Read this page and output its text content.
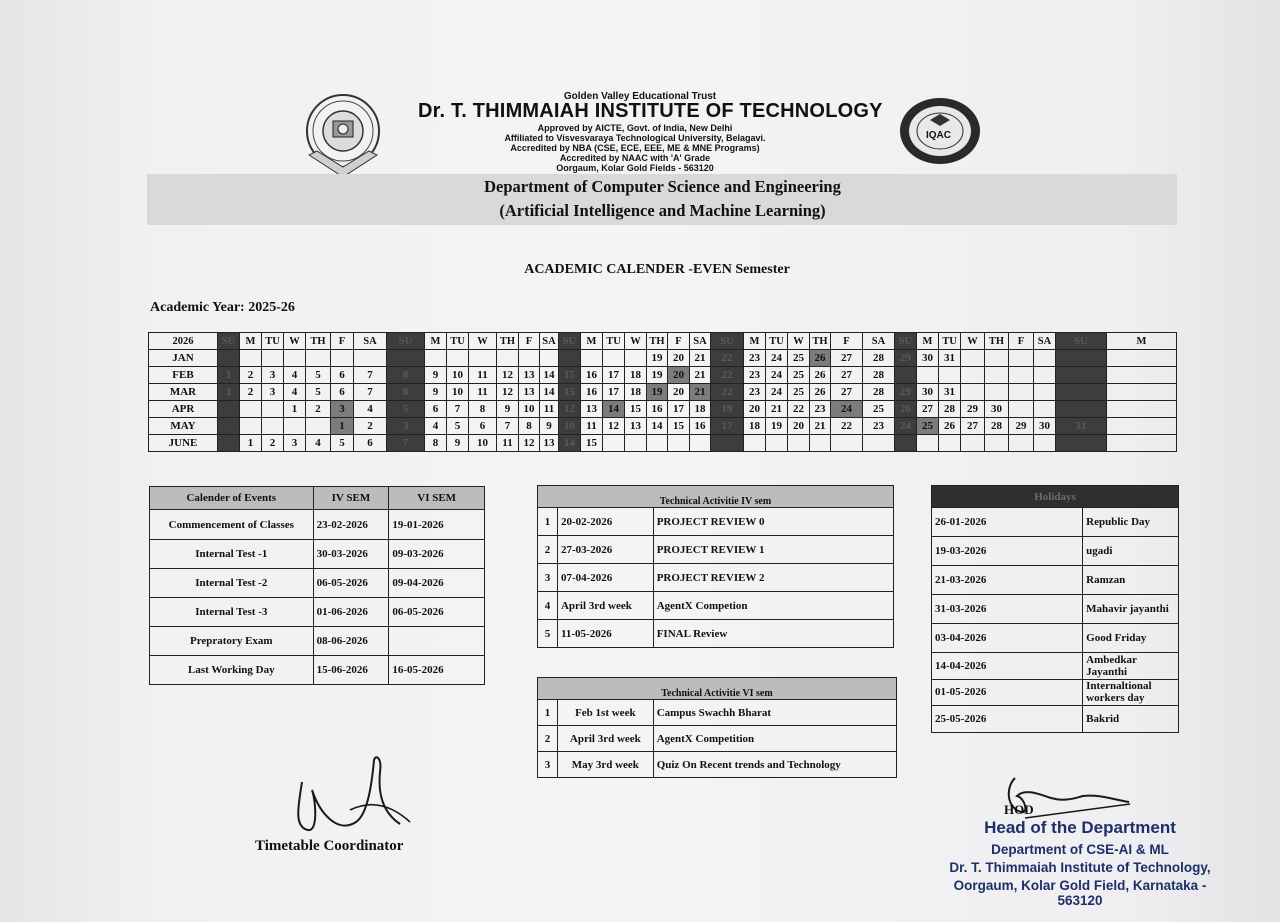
IQAC
Golden Valley Educational Trust
Dr. T. THIMMAIAH INSTITUTE OF TECHNOLOGY
Approved by AICTE, Govt. of India, New Delhi
Affiliated to Visvesvaraya Technological University, Belagavi.
Accredited by NBA (CSE, ECE, EEE, ME & MNE Programs)
Accredited by NAAC with 'A' Grade
Oorgaum, Kolar Gold Fields - 563120
Department of Computer Science and Engineering
(Artificial Intelligence and Machine Learning)
ACADEMIC CALENDER -EVEN Semester
Academic Year: 2025-26
2026	SU	M	TU	W	TH	F	SA	SU	M	TU	W	TH	F	SA	SU	M	TU	W	TH	F	SA	SU	M	TU	W	TH	F	SA	SU	M	TU	W	TH	F	SA	SU	M
JAN																			19	20	21	22	23	24	25	26	27	28	29	30	31						
FEB	1	2	3	4	5	6	7	8	9	10	11	12	13	14	15	16	17	18	19	20	21	22	23	24	25	26	27	28									
MAR	1	2	3	4	5	6	7	8	9	10	11	12	13	14	15	16	17	18	19	20	21	22	23	24	25	26	27	28	29	30	31						
APR				1	2	3	4	5	6	7	8	9	10	11	12	13	14	15	16	17	18	19	20	21	22	23	24	25	26	27	28	29	30				
MAY						1	2	3	4	5	6	7	8	9	10	11	12	13	14	15	16	17	18	19	20	21	22	23	24	25	26	27	28	29	30	31	
JUNE		1	2	3	4	5	6	7	8	9	10	11	12	13	14	15																					
Calender of Events	IV SEM	VI SEM
Commencement of Classes	23-02-2026	19-01-2026
Internal Test -1	30-03-2026	09-03-2026
Internal Test -2	06-05-2026	09-04-2026
Internal Test -3	01-06-2026	06-05-2026
Prepratory Exam	08-06-2026	
Last Working Day	15-06-2026	16-05-2026
Technical Activitie IV sem		
1	20-02-2026	PROJECT REVIEW 0
2	27-03-2026	PROJECT REVIEW 1
3	07-04-2026	PROJECT REVIEW 2
4	April 3rd week	AgentX Competion
5	11-05-2026	FINAL Review
Technical Activitie VI sem		
1	Feb 1st week	Campus Swachh Bharat
2	April 3rd week	AgentX Competition
3	May 3rd week	Quiz On Recent trends and Technology
Holidays	
26-01-2026	Republic Day
19-03-2026	ugadi
21-03-2026	Ramzan
31-03-2026	Mahavir jayanthi
03-04-2026	Good Friday
14-04-2026	Ambedkar Jayanthi
01-05-2026	Internaltional workers day
25-05-2026	Bakrid
Timetable Coordinator
HOD
Head of the Department
Department of CSE-AI & ML
Dr. T. Thimmaiah Institute of Technology,
Oorgaum, Kolar Gold Field, Karnataka - 563120
